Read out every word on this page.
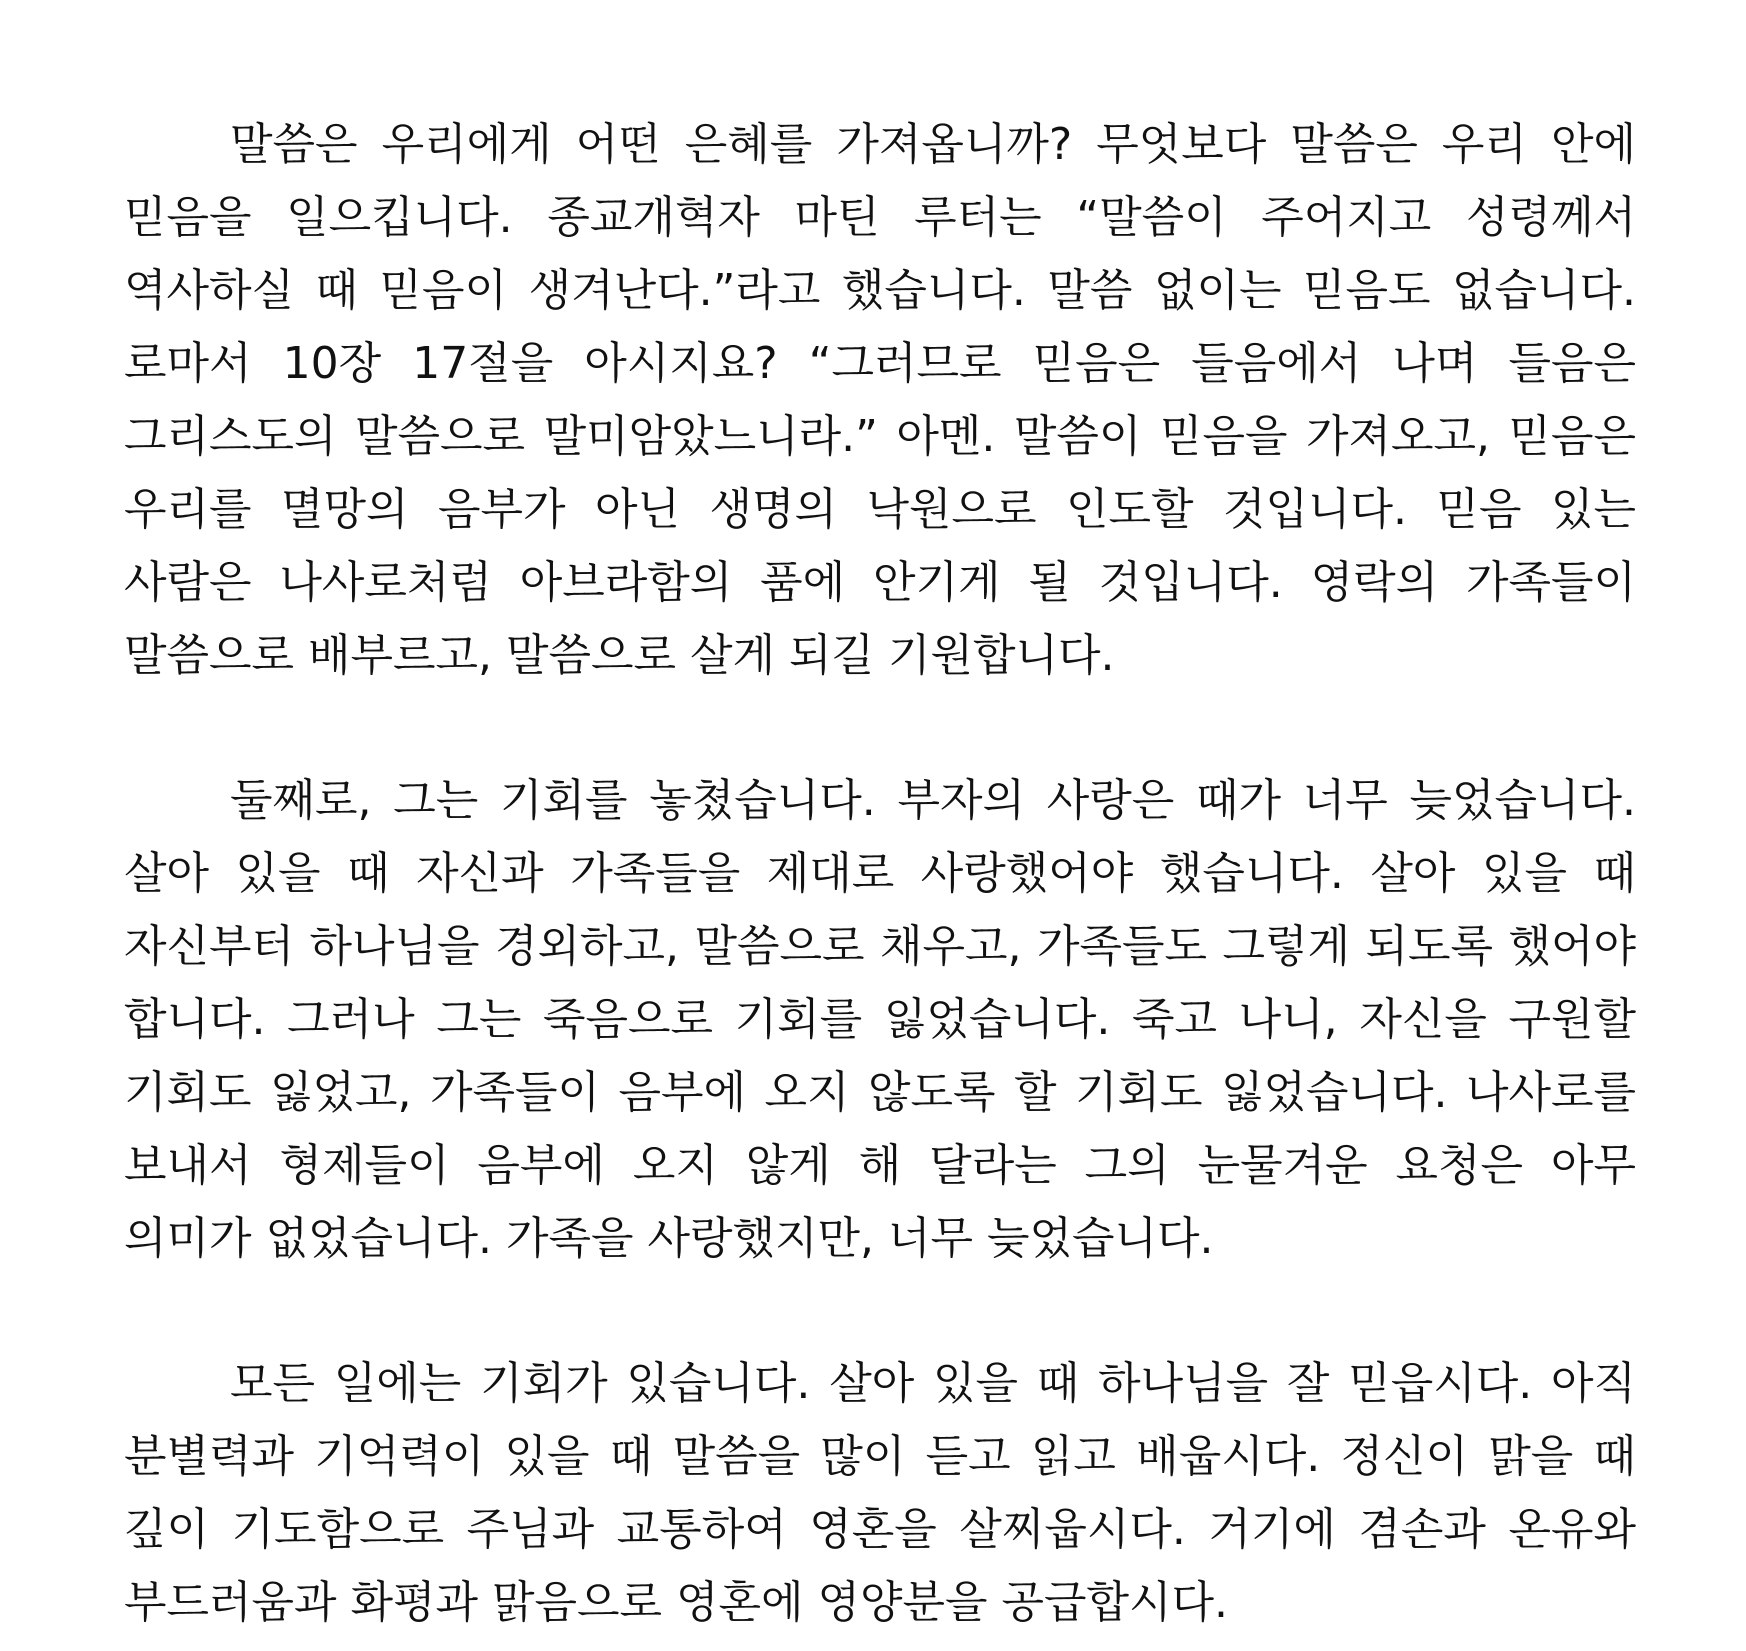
말씀은 우리에게 어떤 은혜를 가져옵니까? 무엇보다 말씀은 우리 안에 믿음을 일으킵니다. 종교개혁자 마틴 루터는 “말씀이 주어지고 성령께서 역사하실 때 믿음이 생겨난다.”라고 했습니다. 말씀 없이는 믿음도 없습니다. 로마서 10장 17절을 아시지요? “그러므로 믿음은 들음에서 나며 들음은 그리스도의 말씀으로 말미암았느니라.” 아멘. 말씀이 믿음을 가져오고, 믿음은 우리를 멸망의 음부가 아닌 생명의 낙원으로 인도할 것입니다. 믿음 있는 사람은 나사로처럼 아브라함의 품에 안기게 될 것입니다. 영락의 가족들이 말씀으로 배부르고, 말씀으로 살게 되길 기원합니다.

둘째로, 그는 기회를 놓쳤습니다. 부자의 사랑은 때가 너무 늦었습니다. 살아 있을 때 자신과 가족들을 제대로 사랑했어야 했습니다. 살아 있을 때 자신부터 하나님을 경외하고, 말씀으로 채우고, 가족들도 그렇게 되도록 했어야 합니다. 그러나 그는 죽음으로 기회를 잃었습니다. 죽고 나니, 자신을 구원할 기회도 잃었고, 가족들이 음부에 오지 않도록 할 기회도 잃었습니다. 나사로를 보내서 형제들이 음부에 오지 않게 해 달라는 그의 눈물겨운 요청은 아무 의미가 없었습니다. 가족을 사랑했지만, 너무 늦었습니다.

모든 일에는 기회가 있습니다. 살아 있을 때 하나님을 잘 믿읍시다. 아직 분별력과 기억력이 있을 때 말씀을 많이 듣고 읽고 배웁시다. 정신이 맑을 때 깊이 기도함으로 주님과 교통하여 영혼을 살찌웁시다. 거기에 겸손과 온유와 부드러움과 화평과 맑음으로 영혼에 영양분을 공급합시다.
